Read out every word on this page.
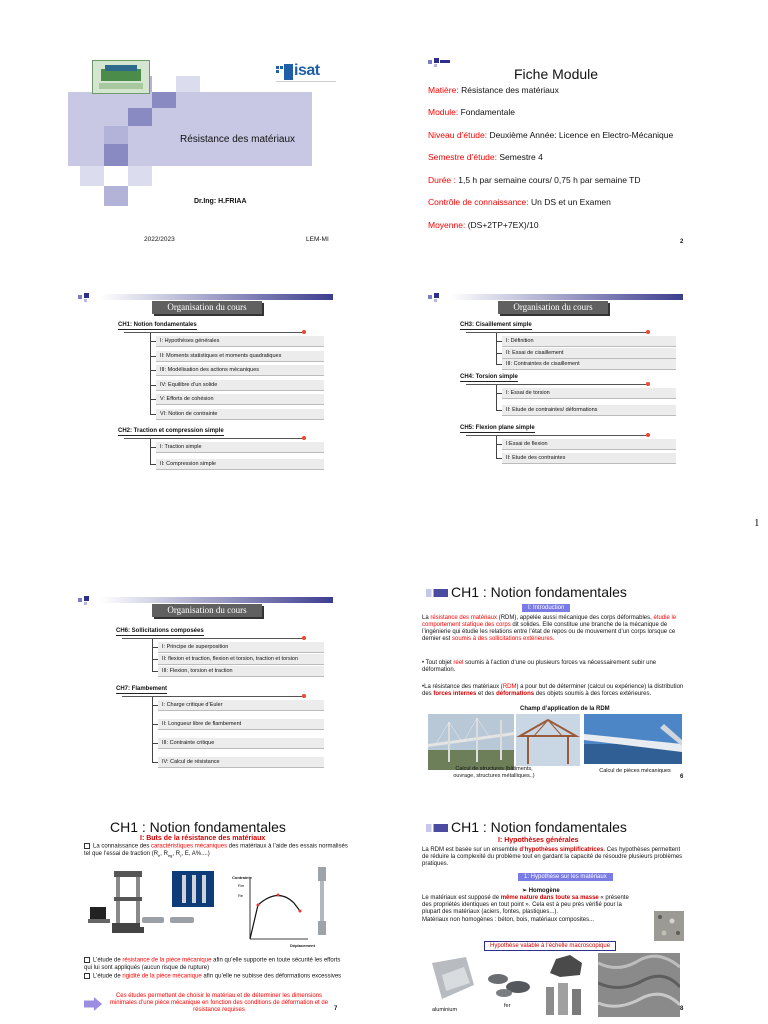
1
isat
Résistance des matériaux
Dr.Ing: H.FRIAA
2022/2023	LEM-MI
Fiche Module
Matière: Résistance des matériaux
Module: Fondamentale
Niveau d’étude: Deuxième Année: Licence en Electro-Mécanique
Semestre d’étude: Semestre 4
Durée : 1,5 h par semaine cours/ 0,75 h par semaine TD
Contrôle de connaissance: Un DS et un Examen
Moyenne: (DS+2TP+7EX)/10
2
Organisation du cours
CH1: Notion fondamentales
I: Hypothèses générales
II: Moments statistiques et moments quadratiques
III: Modélisation des actions mécaniques
IV: Equilibre d’un solide
V: Efforts de cohésion
VI: Notion de contrainte
CH2: Traction et compression simple
I: Traction simple
II: Compression simple
Organisation du cours
CH3: Cisaillement simple
I: Définition
II: Essai de cisaillement
III: Contraintes de cisaillement
CH4: Torsion simple
I: Essai de torsion
II: Etude de contraintes/ déformations
CH5: Flexion plane simple
I:Essai de flexion
II: Etude des contraintes
Organisation du cours
CH6: Sollicitations composées
I: Principe de superposition
II: flexion et traction, flexion et torsion, traction et torsion
III: Flexion, torsion et traction
CH7: Flambement
I: Charge critique d’Euler
II: Longueur libre de flambement
III: Contrainte critique
IV: Calcul de résistance
CH1 : Notion fondamentales
I: Introduction
La résistance des matériaux (RDM), appelée aussi mécanique des corps déformables, étudie le comportement statique des corps dit solides. Elle constitue une branche de la mécanique de l’ingénierie qui étudie les relations entre l’état de repos ou de mouvement d’un corps lorsque ce dernier est soumis à des sollicitations extérieures.
• Tout objet réel soumis à l’action d’une ou plusieurs forces va nécessairement subir une déformation.
•La résistance des matériaux (RDM) a pour but de déterminer (calcul ou expérience) la distribution des forces internes et des déformations des objets soumis à des forces extérieures.
Champ d’application de la RDM
Calcul de structures (bâtiments, ouvrage, structures métalliques..)
Calcul de pièces mécaniques
6
CH1 : Notion fondamentales
I: Buts de la résistance des matériaux
La connaissance des caractéristiques mécaniques des matériaux à l’aide des essais normalisés tel que l’essai de traction ($R_e$, $R_{eg}$, $R_r$, E, A%....)
Contrainte
Rm
Re
Déplacement
L’étude de résistance de la pièce mécanique afin qu’elle supporte en toute sécurité les efforts qui lui sont appliqués (aucun risque de rupture)
L’étude de rigidité de la pièce mécanique afin qu’elle ne subisse des déformations excessives
Ces études permettent de choisir le matériau et de déterminer les dimensions minimales d’une pièce mécanique en fonction des conditions de déformation et de résistance requises	7
CH1 : Notion fondamentales
I: Hypothèses générales
La RDM est basée sur un ensemble d’hypothèses simplificatrices. Ces hypothèses permettent de réduire la complexité du problème tout en gardant la capacité de résoudre plusieurs problèmes pratiques.
1: Hypothèse sur les matériaux
➢ Homogène
Le matériaux est supposé de même nature dans toute sa masse « présente des propriétés identiques en tout point ». Cela est à peu près vérifié pour la plupart des matériaux (aciers, fontes, plastiques...).
Matériaux non homogènes : béton, bois, matériaux composites...
Hypothèse valable à l’échelle macroscopique
aluminium
fer	8
